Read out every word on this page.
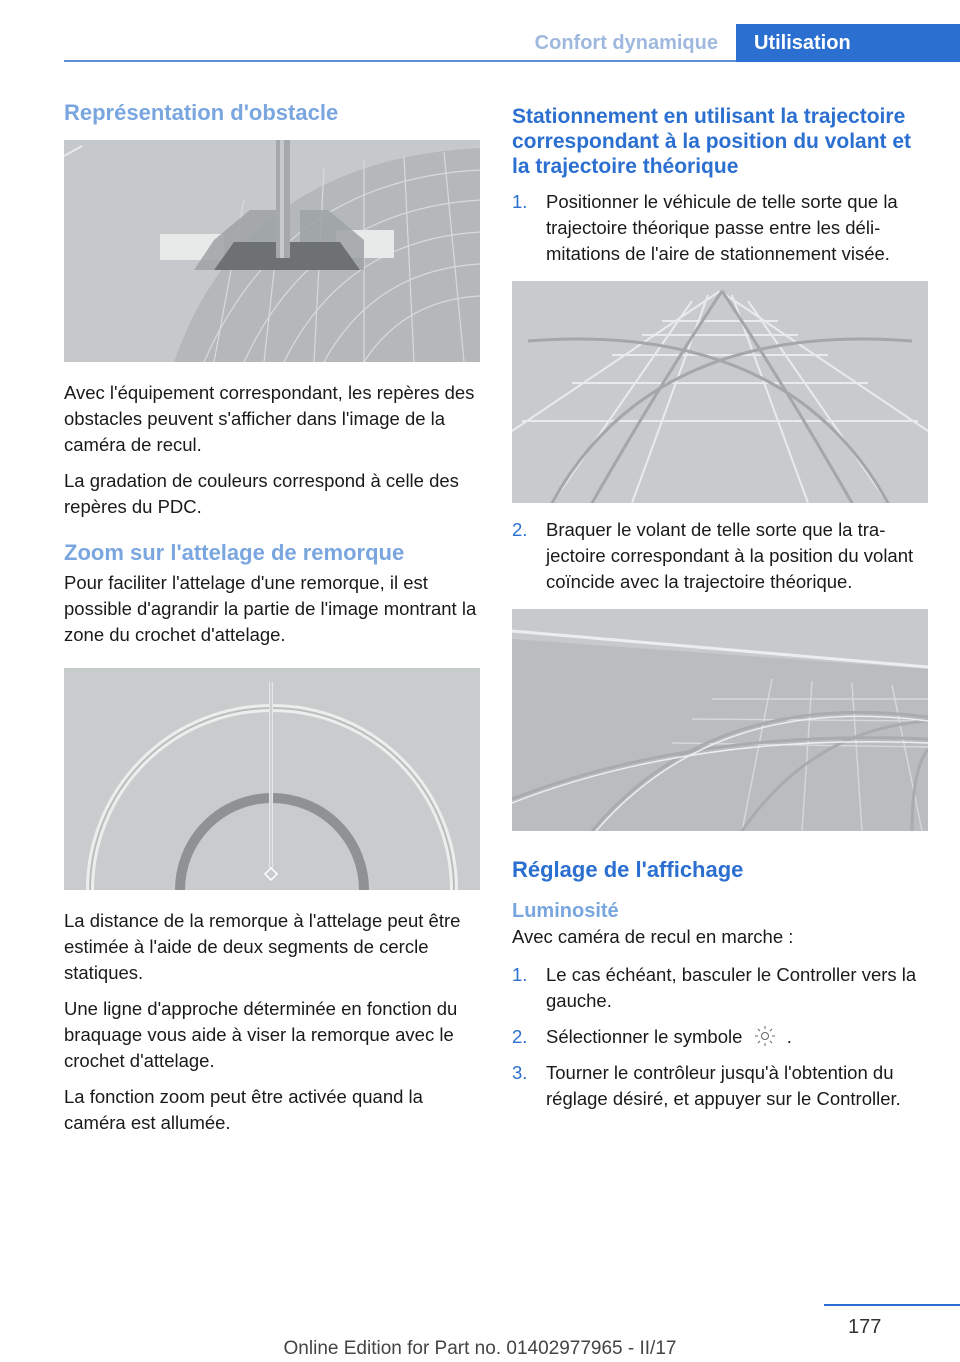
Confort dynamique	Utilisation
Représentation d'obstacle

Avec l'équipement correspondant, les repères des obstacles peuvent s'afficher dans l'image de la caméra de recul.

La gradation de couleurs correspond à celle des repères du PDC.

Zoom sur l'attelage de remorque

Pour faciliter l'attelage d'une remorque, il est possible d'agrandir la partie de l'image montrant la zone du crochet d'attelage.

La distance de la remorque à l'attelage peut être estimée à l'aide de deux segments de cercle statiques.

Une ligne d'approche déterminée en fonction du braquage vous aide à viser la remorque avec le crochet d'attelage.

La fonction zoom peut être activée quand la caméra est allumée.

Stationnement en utilisant la trajectoire correspondant à la position du volant et la trajectoire théorique
1. Positionner le véhicule de telle sorte que la trajectoire théorique passe entre les délimitations de l'aire de stationnement visée.
2. Braquer le volant de telle sorte que la trajectoire correspondant à la position du volant coïncide avec la trajectoire théorique.
Réglage de l'affichage
Luminosité

Avec caméra de recul en marche :

1. Le cas échéant, basculer le Controller vers la gauche.
2. Sélectionner le symbole .
3. Tourner le contrôleur jusqu'à l'obtention du réglage désiré, et appuyer sur le Controller.
177
Online Edition for Part no. 01402977965 - II/17
